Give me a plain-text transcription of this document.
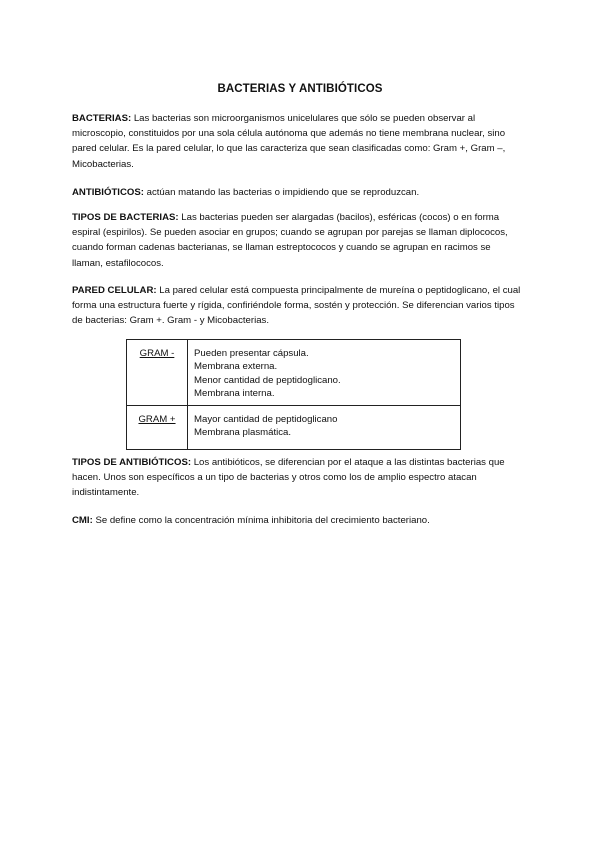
BACTERIAS Y ANTIBIÓTICOS
BACTERIAS: Las bacterias son microorganismos unicelulares que sólo se pueden observar al microscopio, constituidos por una sola célula autónoma que además no tiene membrana nuclear, sino pared celular. Es la pared celular, lo que las caracteriza que sean clasificadas como: Gram +, Gram –, Micobacterias.
ANTIBIÓTICOS: actúan matando las bacterias o impidiendo que se reproduzcan.
TIPOS DE BACTERIAS: Las bacterias pueden ser alargadas (bacilos), esféricas (cocos) o en forma espiral (espirilos). Se pueden asociar en grupos; cuando se agrupan por parejas se llaman diplococos, cuando forman cadenas bacterianas, se llaman estreptococos y cuando se agrupan en racimos se llaman, estafilococos.
PARED CELULAR: La pared celular está compuesta principalmente de mureína o peptidoglicano, el cual forma una estructura fuerte y rígida, confiriéndole forma, sostén y protección. Se diferencian varios tipos de bacterias: Gram +. Gram - y Micobacterias.
GRAM -	Pueden presentar cápsula.
Membrana externa.
Menor cantidad de peptidoglicano.
Membrana interna.

GRAM +	Mayor cantidad de peptidoglicano
Membrana plasmática.
TIPOS DE ANTIBIÓTICOS: Los antibióticos, se diferencian por el ataque a las distintas bacterias que hacen. Unos son específicos a un tipo de bacterias y otros como los de amplio espectro atacan indistintamente.
CMI: Se define como la concentración mínima inhibitoria del crecimiento bacteriano.
